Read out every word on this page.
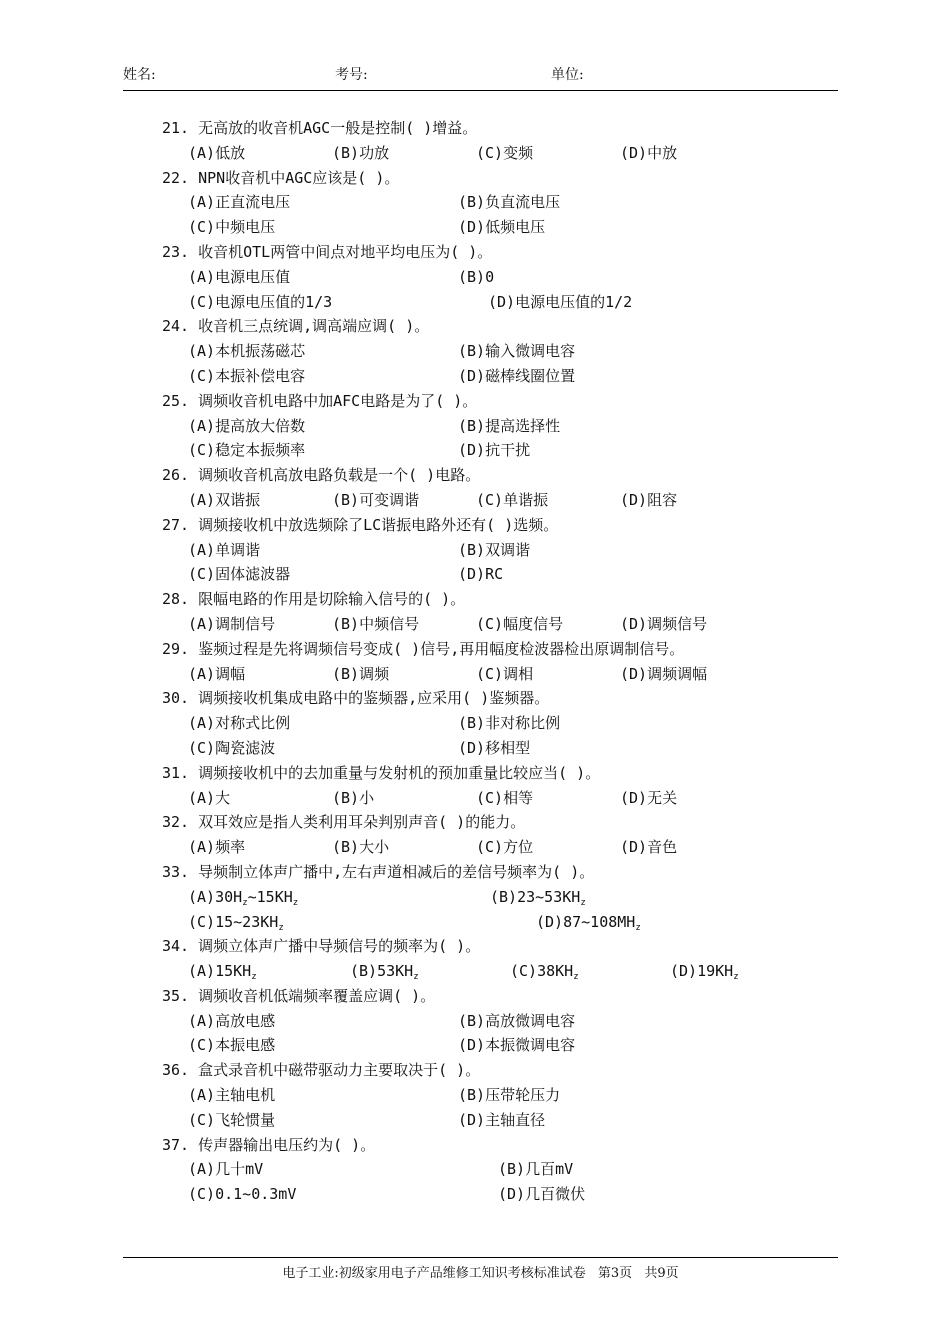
姓名:	考号:	单位:
21. 无高放的收音机AGC一般是控制( )增益。
(A)低放	(B)功放	(C)变频	(D)中放
22. NPN收音机中AGC应该是( )。
(A)正直流电压	(B)负直流电压
(C)中频电压	(D)低频电压
23. 收音机OTL两管中间点对地平均电压为( )。
(A)电源电压值	(B)0
(C)电源电压值的1/3	(D)电源电压值的1/2
24. 收音机三点统调,调高端应调( )。
(A)本机振荡磁芯	(B)输入微调电容
(C)本振补偿电容	(D)磁棒线圈位置
25. 调频收音机电路中加AFC电路是为了( )。
(A)提高放大倍数	(B)提高选择性
(C)稳定本振频率	(D)抗干扰
26. 调频收音机高放电路负载是一个( )电路。
(A)双谐振	(B)可变调谐	(C)单谐振	(D)阻容
27. 调频接收机中放选频除了LC谐振电路外还有( )选频。
(A)单调谐	(B)双调谐
(C)固体滤波器	(D)RC
28. 限幅电路的作用是切除输入信号的( )。
(A)调制信号	(B)中频信号	(C)幅度信号	(D)调频信号
29. 鉴频过程是先将调频信号变成( )信号,再用幅度检波器检出原调制信号。
(A)调幅	(B)调频	(C)调相	(D)调频调幅
30. 调频接收机集成电路中的鉴频器,应采用( )鉴频器。
(A)对称式比例	(B)非对称比例
(C)陶瓷滤波	(D)移相型
31. 调频接收机中的去加重量与发射机的预加重量比较应当( )。
(A)大	(B)小	(C)相等	(D)无关
32. 双耳效应是指人类利用耳朵判别声音( )的能力。
(A)频率	(B)大小	(C)方位	(D)音色
33. 导频制立体声广播中,左右声道相减后的差信号频率为( )。
$(A)30H_z\sim 15KH_z$	$(B)23\sim 53KH_z$
$(C)15\sim 23KH_z$	$(D)87\sim 108MH_z$
34. 调频立体声广播中导频信号的频率为( )。
$(A)15KH_z$	$(B)53KH_z$	$(C)38KH_z$	$(D)19KH_z$
35. 调频收音机低端频率覆盖应调( )。
(A)高放电感	(B)高放微调电容
(C)本振电感	(D)本振微调电容
36. 盒式录音机中磁带驱动力主要取决于( )。
(A)主轴电机	(B)压带轮压力
(C)飞轮惯量	(D)主轴直径
37. 传声器输出电压约为( )。
(A)几十mV	(B)几百mV
(C)0.1~0.3mV	(D)几百微伏
电子工业:初级家用电子产品维修工知识考核标准试卷 第3页 共9页
